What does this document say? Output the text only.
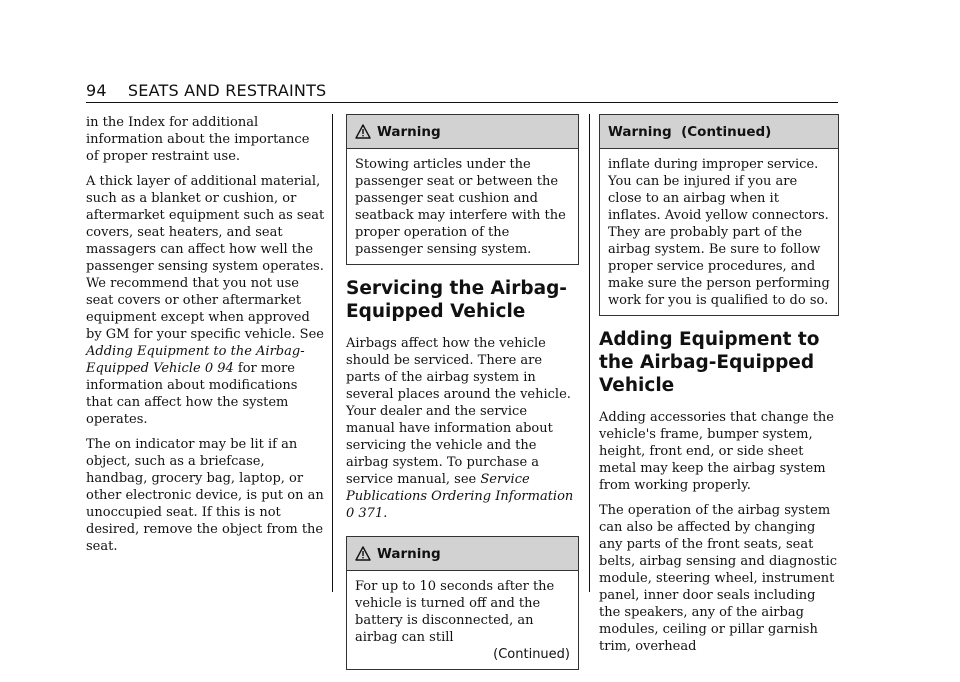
94 SEATS AND RESTRAINTS

in the Index for additional information about the importance of proper restraint use.

A thick layer of additional material, such as a blanket or cushion, or aftermarket equipment such as seat covers, seat heaters, and seat massagers can affect how well the passenger sensing system operates. We recommend that you not use seat covers or other aftermarket equipment except when approved by GM for your specific vehicle. See Adding Equipment to the Airbag-Equipped Vehicle 0 94 for more information about modifications that can affect how the system operates.

The on indicator may be lit if an object, such as a briefcase, handbag, grocery bag, laptop, or other electronic device, is put on an unoccupied seat. If this is not desired, remove the object from the seat.

Warning

Stowing articles under the passenger seat or between the passenger seat cushion and seatback may interfere with the proper operation of the passenger sensing system.

Servicing the Airbag-Equipped Vehicle

Airbags affect how the vehicle should be serviced. There are parts of the airbag system in several places around the vehicle. Your dealer and the service manual have information about servicing the vehicle and the airbag system. To purchase a service manual, see Service Publications Ordering Information 0 371.

Warning

For up to 10 seconds after the vehicle is turned off and the battery is disconnected, an airbag can still

(Continued)
Warning  (Continued)

inflate during improper service. You can be injured if you are close to an airbag when it inflates. Avoid yellow connectors. They are probably part of the airbag system. Be sure to follow proper service procedures, and make sure the person performing work for you is qualified to do so.

Adding Equipment to the Airbag-Equipped Vehicle

Adding accessories that change the vehicle's frame, bumper system, height, front end, or side sheet metal may keep the airbag system from working properly.

The operation of the airbag system can also be affected by changing any parts of the front seats, seat belts, airbag sensing and diagnostic module, steering wheel, instrument panel, inner door seals including the speakers, any of the airbag modules, ceiling or pillar garnish trim, overhead
